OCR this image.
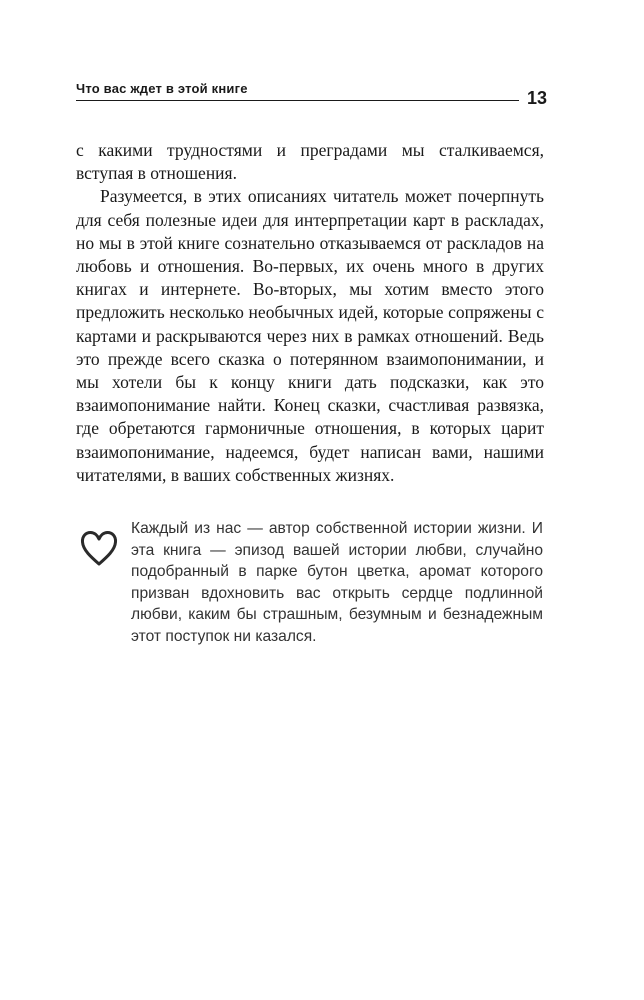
Что вас ждет в этой книге	13

с какими трудностями и преградами мы сталкиваемся, вступая в отношения.

Разумеется, в этих описаниях читатель может почерпнуть для себя полезные идеи для интерпретации карт в раскладах, но мы в этой книге сознательно отказываемся от раскладов на любовь и отношения. Во-первых, их очень много в других книгах и интернете. Во-вторых, мы хотим вместо этого предложить несколько необычных идей, которые сопряжены с картами и раскрываются через них в рамках отношений. Ведь это прежде всего сказка о потерянном взаимопонимании, и мы хотели бы к концу книги дать подсказки, как это взаимопонимание найти. Конец сказки, счастливая развязка, где обретаются гармоничные отношения, в которых царит взаимопонимание, надеемся, будет написан вами, нашими читателями, в ваших собственных жизнях.

Каждый из нас — автор собственной истории жизни. И эта книга — эпизод вашей истории любви, случайно подобранный в парке бутон цветка, аромат которого призван вдохновить вас открыть сердце подлинной любви, каким бы страшным, безумным и безнадежным этот поступок ни казался.
